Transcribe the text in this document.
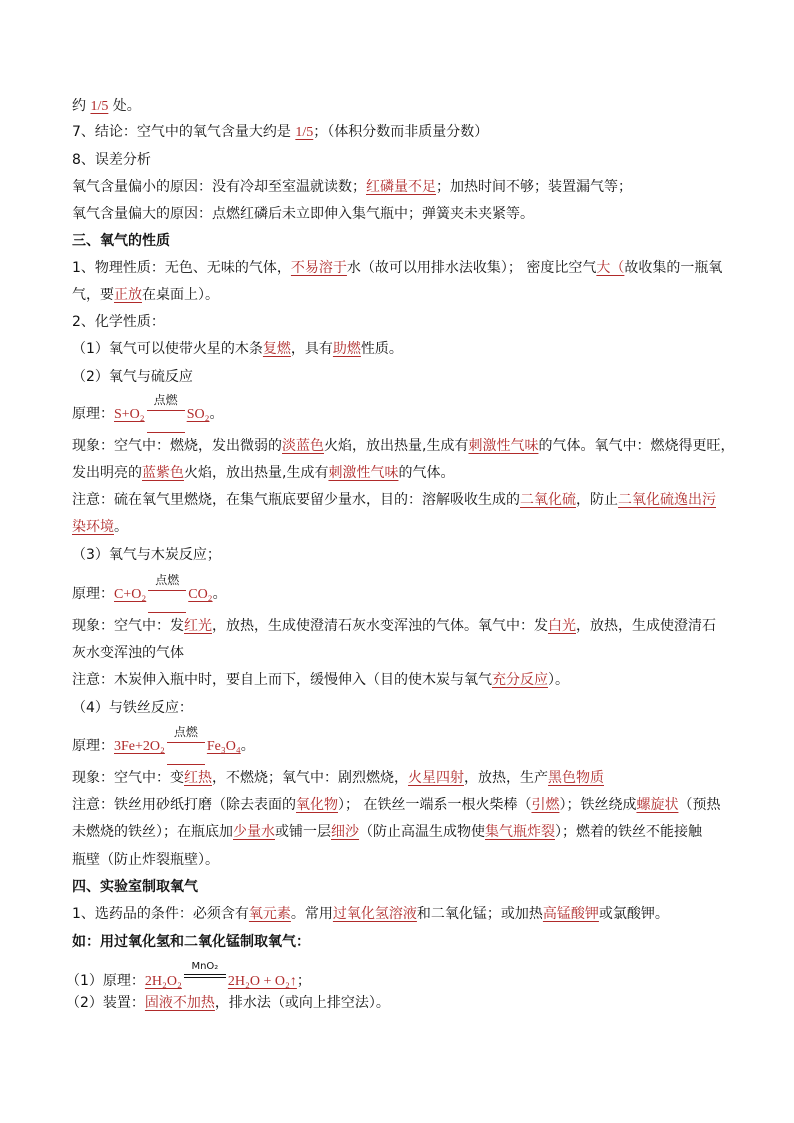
约 1/5 处。
7、结论：空气中的氧气含量大约是 1/5；（体积分数而非质量分数）
8、误差分析
氧气含量偏小的原因：没有冷却至室温就读数；红磷量不足；加热时间不够；装置漏气等；
氧气含量偏大的原因：点燃红磷后未立即伸入集气瓶中；弹簧夹未夹紧等。
三、氧气的性质
1、物理性质：无色、无味的气体，不易溶于水（故可以用排水法收集）； 密度比空气大（故收集的一瓶氧
气，要正放在桌面上）。
2、化学性质：
（1）氧气可以使带火星的木条复燃，具有助燃性质。
（2）氧气与硫反应
原理：S+O₂
点燃
SO₂。
现象：空气中：燃烧，发出微弱的淡蓝色火焰，放出热量,生成有刺激性气味的气体。氧气中：燃烧得更旺，
发出明亮的蓝紫色火焰，放出热量,生成有刺激性气味的气体。
注意：硫在氧气里燃烧，在集气瓶底要留少量水，目的：溶解吸收生成的二氧化硫，防止二氧化硫逸出污
染环境。
（3）氧气与木炭反应；
原理：C+O₂
点燃
CO₂。
现象：空气中：发红光，放热，生成使澄清石灰水变浑浊的气体。氧气中：发白光，放热，生成使澄清石
灰水变浑浊的气体
注意：木炭伸入瓶中时，要自上而下，缓慢伸入（目的使木炭与氧气充分反应）。
（4）与铁丝反应：
原理：3Fe+2O₂
点燃
Fe₃O₄。
现象：空气中：变红热，不燃烧；氧气中：剧烈燃烧，火星四射，放热，生产黑色物质
注意：铁丝用砂纸打磨（除去表面的氧化物）； 在铁丝一端系一根火柴棒（引燃）；铁丝绕成螺旋状（预热
未燃烧的铁丝）；在瓶底加少量水或铺一层细沙（防止高温生成物使集气瓶炸裂）；燃着的铁丝不能接触
瓶壁（防止炸裂瓶壁）。
四、实验室制取氧气
1、选药品的条件：必须含有氧元素。常用过氧化氢溶液和二氧化锰；或加热高锰酸钾或氯酸钾。
如：用过氧化氢和二氧化锰制取氧气：
（1）原理：2H₂O₂
MnO₂
2H₂O + O₂↑；
（2）装置：固液不加热，排水法（或向上排空法）。
